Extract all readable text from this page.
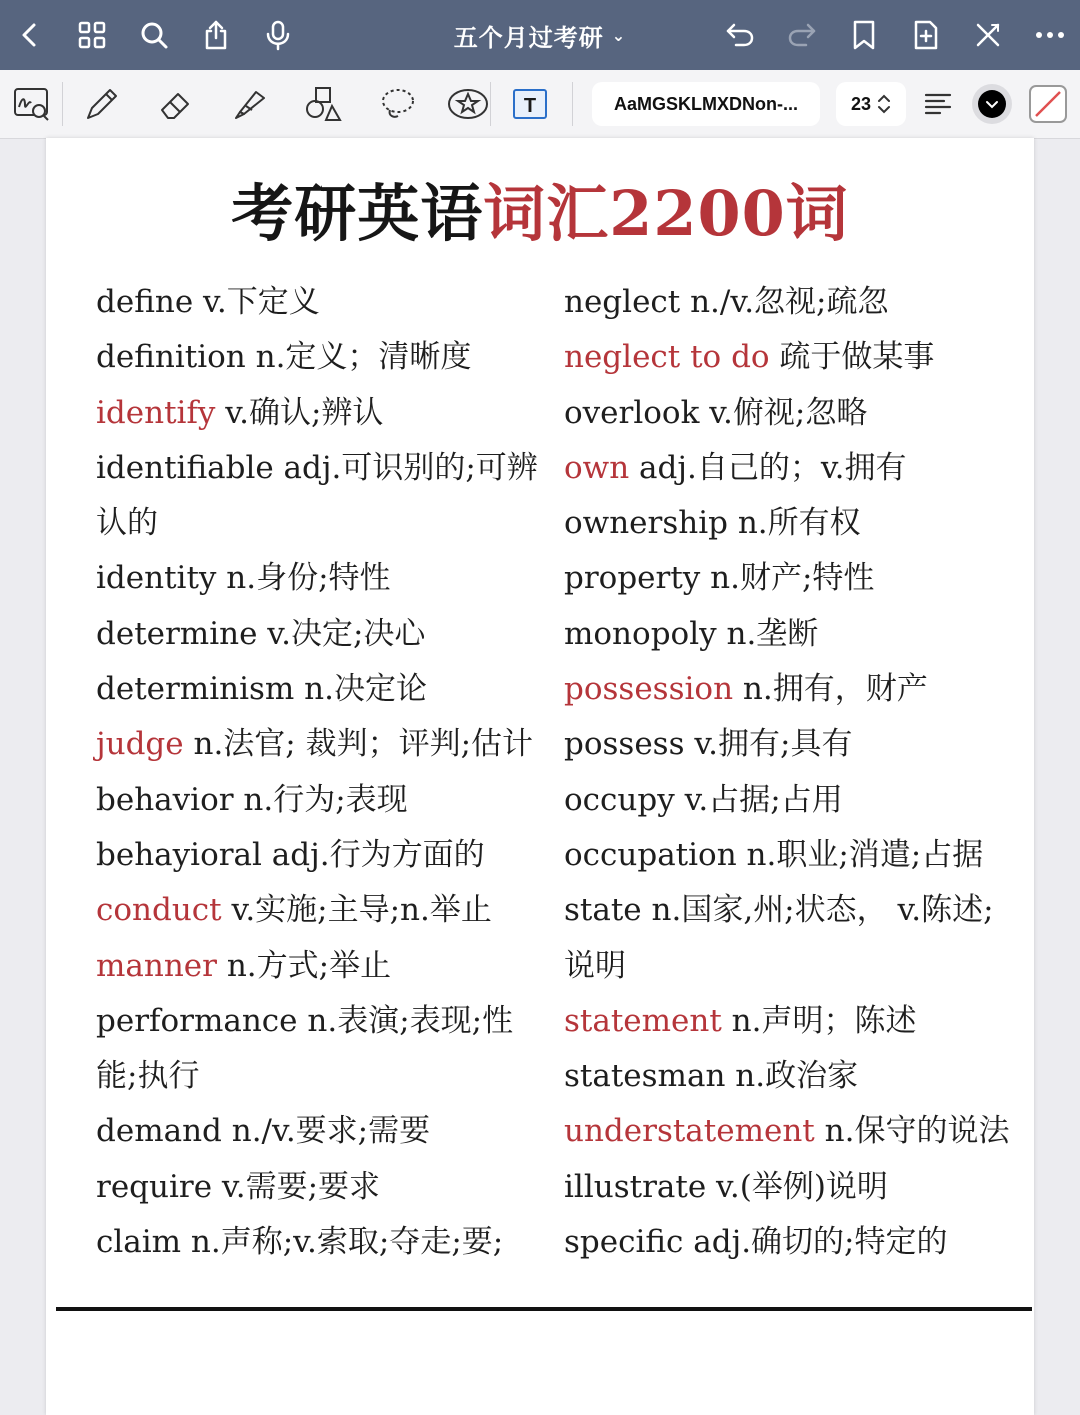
五个月过考研 ⌄
T	AaMGSKLMXDNon-...	23
考研英语词汇2200词
define v.下定义
definition n.定义；清晰度
identify v.确认;辨认
identifiable adj.可识别的;可辨
认的
identity n.身份;特性
determine v.决定;决心
determinism n.决定论
judge n.法官; 裁判；评判;估计
behavior n.行为;表现
behayioral adj.行为方面的
conduct v.实施;主导;n.举止
manner n.方式;举止
performance n.表演;表现;性
能;执行
demand n./v.要求;需要
require v.需要;要求
claim n.声称;v.索取;夺走;要;
neglect n./v.忽视;疏忽
neglect to do 疏于做某事
overlook v.俯视;忽略
own adj.自己的；v.拥有
ownership n.所有权
property n.财产;特性
monopoly n.垄断
possession n.拥有，财产
possess v.拥有;具有
occupy v.占据;占用
occupation n.职业;消遣;占据
state n.国家,州;状态， v.陈述;
说明
statement n.声明；陈述
statesman n.政治家
understatement n.保守的说法
illustrate v.(举例)说明
specific adj.确切的;特定的
